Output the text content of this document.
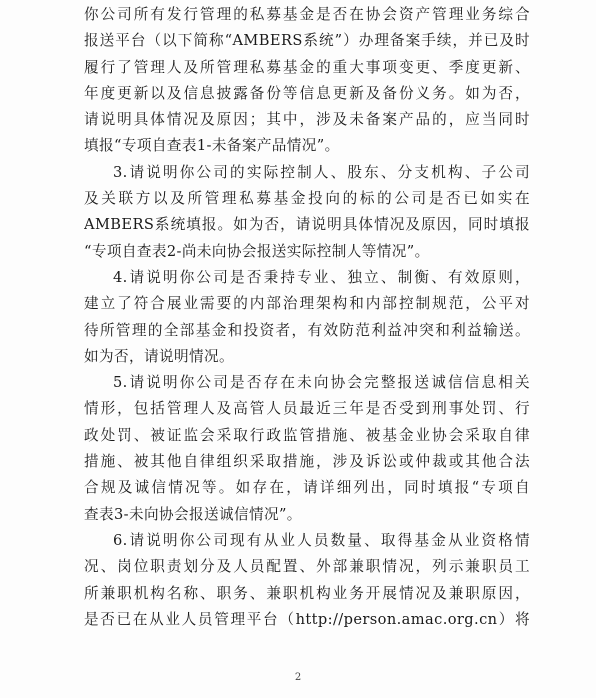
你公司所有发行管理的私募基金是否在协会资产管理业务综合
报送平台（以下简称“AMBERS系统”）办理备案手续，并已及时
履行了管理人及所管理私募基金的重大事项变更、季度更新、
年度更新以及信息披露备份等信息更新及备份义务。如为否，
请说明具体情况及原因；其中，涉及未备案产品的，应当同时
填报“专项自查表1-未备案产品情况”。
3.请说明你公司的实际控制人、股东、分支机构、子公司
及关联方以及所管理私募基金投向的标的公司是否已如实在
AMBERS系统填报。如为否，请说明具体情况及原因，同时填报
“专项自查表2-尚未向协会报送实际控制人等情况”。
4.请说明你公司是否秉持专业、独立、制衡、有效原则，
建立了符合展业需要的内部治理架构和内部控制规范，公平对
待所管理的全部基金和投资者，有效防范利益冲突和利益输送。
如为否，请说明情况。
5.请说明你公司是否存在未向协会完整报送诚信信息相关
情形，包括管理人及高管人员最近三年是否受到刑事处罚、行
政处罚、被证监会采取行政监管措施、被基金业协会采取自律
措施、被其他自律组织采取措施，涉及诉讼或仲裁或其他合法
合规及诚信情况等。如存在，请详细列出，同时填报“专项自
查表3-未向协会报送诚信情况”。
6.请说明你公司现有从业人员数量、取得基金从业资格情
况、岗位职责划分及人员配置、外部兼职情况，列示兼职员工
所兼职机构名称、职务、兼职机构业务开展情况及兼职原因，
是否已在从业人员管理平台（http://person.amac.org.cn）将
2
